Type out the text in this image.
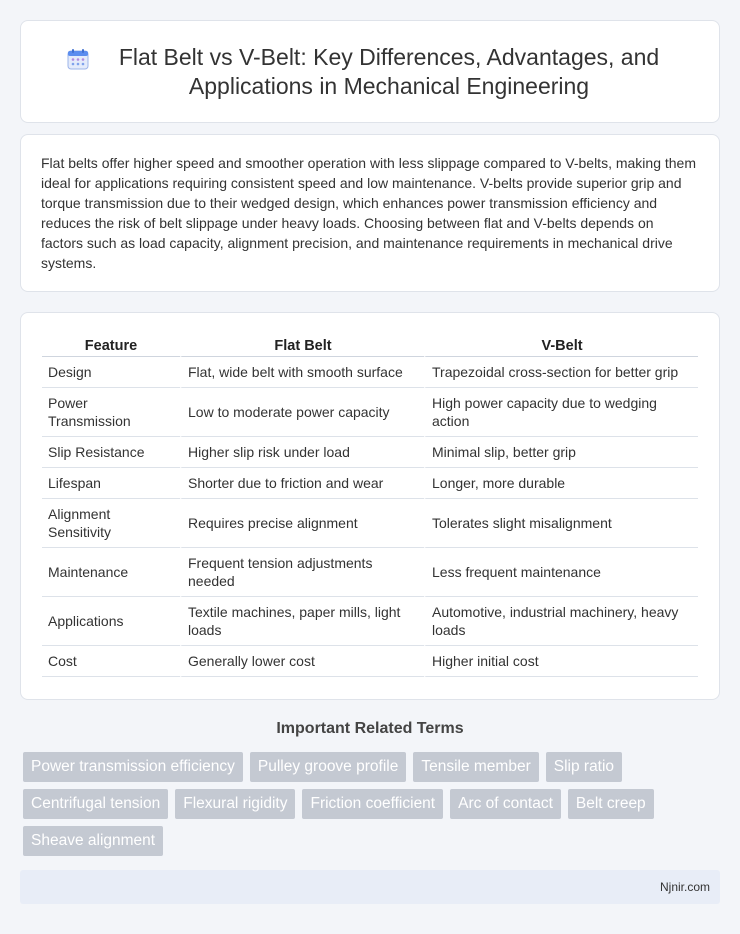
Flat Belt vs V-Belt: Key Differences, Advantages, and Applications in Mechanical Engineering

Flat belts offer higher speed and smoother operation with less slippage compared to V-belts, making them ideal for applications requiring consistent speed and low maintenance. V-belts provide superior grip and torque transmission due to their wedged design, which enhances power transmission efficiency and reduces the risk of belt slippage under heavy loads. Choosing between flat and V-belts depends on factors such as load capacity, alignment precision, and maintenance requirements in mechanical drive systems.

Feature	Flat Belt	V-Belt
Design	Flat, wide belt with smooth surface	Trapezoidal cross-section for better grip
Power Transmission	Low to moderate power capacity	High power capacity due to wedging action
Slip Resistance	Higher slip risk under load	Minimal slip, better grip
Lifespan	Shorter due to friction and wear	Longer, more durable
Alignment Sensitivity	Requires precise alignment	Tolerates slight misalignment
Maintenance	Frequent tension adjustments needed	Less frequent maintenance
Applications	Textile machines, paper mills, light loads	Automotive, industrial machinery, heavy loads
Cost	Generally lower cost	Higher initial cost
Important Related Terms
Power transmission efficiency	Pulley groove profile	Tensile member	Slip ratio
Centrifugal tension	Flexural rigidity	Friction coefficient	Arc of contact	Belt creep
Sheave alignment
Njnir.com
